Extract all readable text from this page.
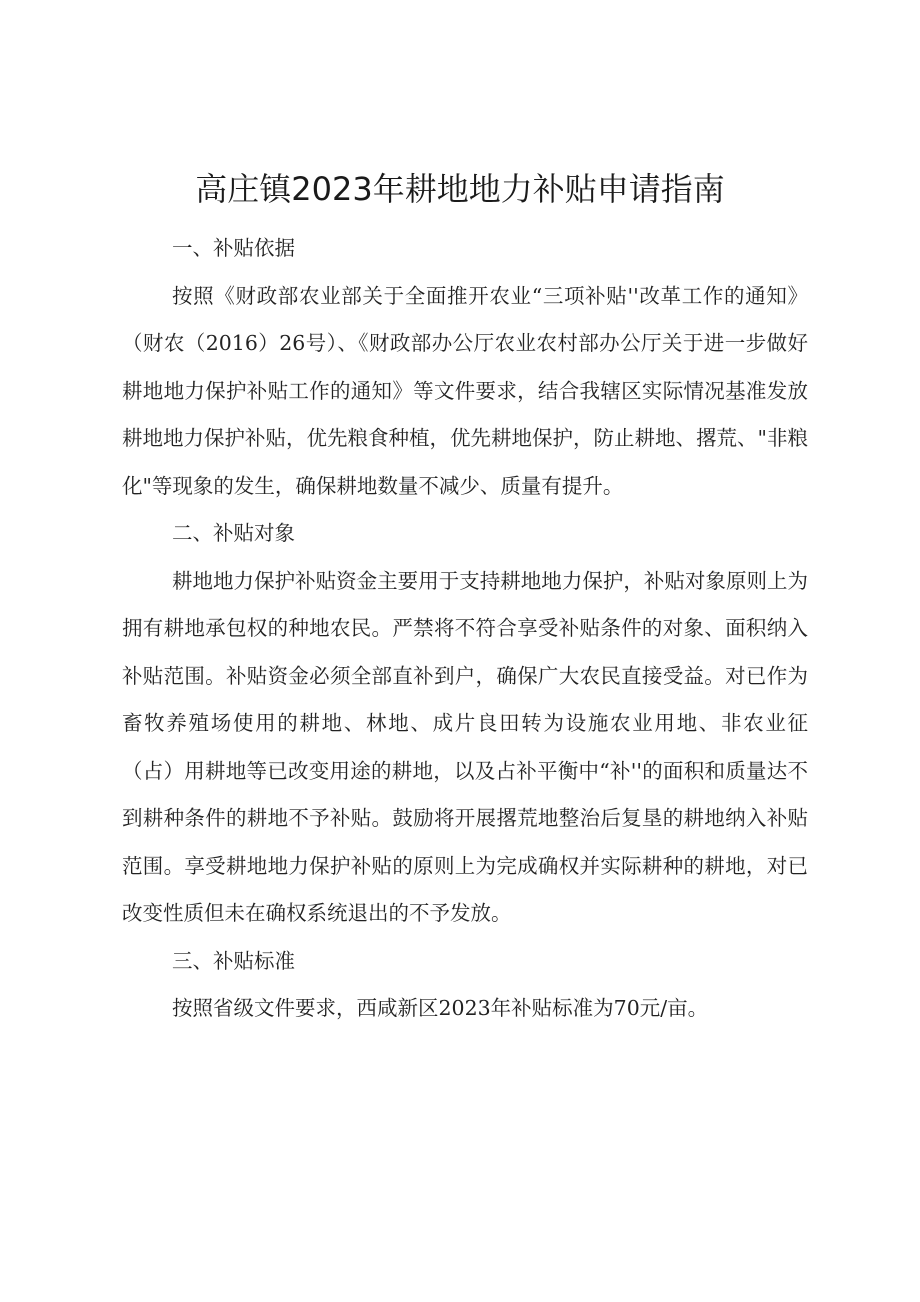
高庄镇2023年耕地地力补贴申请指南

一、补贴依据

按照《财政部农业部关于全面推开农业“三项补贴''改革工作的通知》（财农（2016）26号）、《财政部办公厅农业农村部办公厅关于进一步做好耕地地力保护补贴工作的通知》等文件要求，结合我辖区实际情况基准发放耕地地力保护补贴，优先粮食种植，优先耕地保护，防止耕地、撂荒、"非粮化"等现象的发生，确保耕地数量不减少、质量有提升。

二、补贴对象

耕地地力保护补贴资金主要用于支持耕地地力保护，补贴对象原则上为拥有耕地承包权的种地农民。严禁将不符合享受补贴条件的对象、面积纳入补贴范围。补贴资金必须全部直补到户，确保广大农民直接受益。对已作为畜牧养殖场使用的耕地、林地、成片良田转为设施农业用地、非农业征（占）用耕地等已改变用途的耕地，以及占补平衡中“补''的面积和质量达不到耕种条件的耕地不予补贴。鼓励将开展撂荒地整治后复垦的耕地纳入补贴范围。享受耕地地力保护补贴的原则上为完成确权并实际耕种的耕地，对已改变性质但未在确权系统退出的不予发放。

三、补贴标准

按照省级文件要求，西咸新区2023年补贴标准为70元/亩。
